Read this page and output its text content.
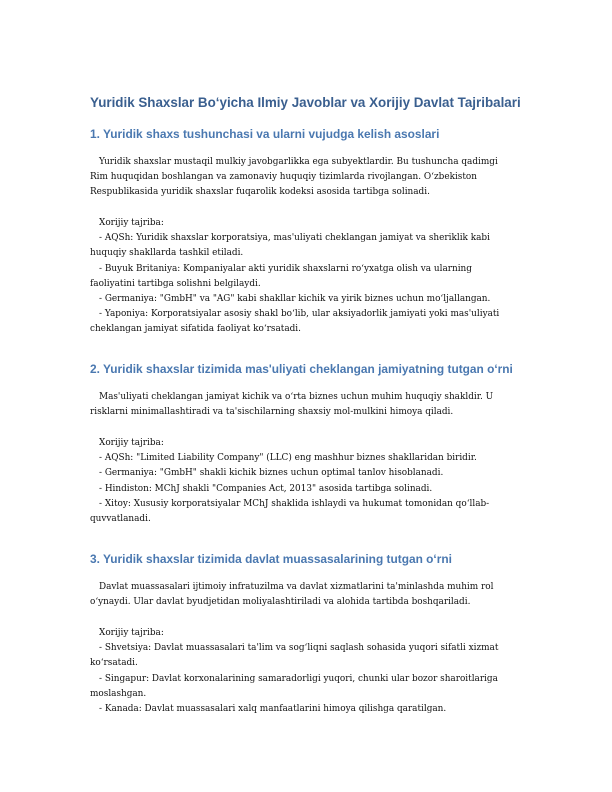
Yuridik Shaxslar Bo‘yicha Ilmiy Javoblar va Xorijiy Davlat Tajribalari
1. Yuridik shaxs tushunchasi va ularni vujudga kelish asoslari
Yuridik shaxslar mustaqil mulkiy javobgarlikka ega subyektlardir. Bu tushuncha qadimgi
Rim huquqidan boshlangan va zamonaviy huquqiy tizimlarda rivojlangan. O‘zbekiston
Respublikasida yuridik shaxslar fuqarolik kodeksi asosida tartibga solinadi.
Xorijiy tajriba:
- AQSh: Yuridik shaxslar korporatsiya, mas'uliyati cheklangan jamiyat va sheriklik kabi
huquqiy shakllarda tashkil etiladi.
- Buyuk Britaniya: Kompaniyalar akti yuridik shaxslarni ro‘yxatga olish va ularning
faoliyatini tartibga solishni belgilaydi.
- Germaniya: "GmbH" va "AG" kabi shakllar kichik va yirik biznes uchun mo‘ljallangan.
- Yaponiya: Korporatsiyalar asosiy shakl bo‘lib, ular aksiyadorlik jamiyati yoki mas'uliyati
cheklangan jamiyat sifatida faoliyat ko‘rsatadi.
2. Yuridik shaxslar tizimida mas'uliyati cheklangan jamiyatning tutgan o‘rni
Mas'uliyati cheklangan jamiyat kichik va o‘rta biznes uchun muhim huquqiy shakldir. U
risklarni minimallashtiradi va ta'sischilarning shaxsiy mol-mulkini himoya qiladi.
Xorijiy tajriba:
- AQSh: "Limited Liability Company" (LLC) eng mashhur biznes shakllaridan biridir.
- Germaniya: "GmbH" shakli kichik biznes uchun optimal tanlov hisoblanadi.
- Hindiston: MChJ shakli "Companies Act, 2013" asosida tartibga solinadi.
- Xitoy: Xususiy korporatsiyalar MChJ shaklida ishlaydi va hukumat tomonidan qo‘llab-
quvvatlanadi.
3. Yuridik shaxslar tizimida davlat muassasalarining tutgan o‘rni
Davlat muassasalari ijtimoiy infratuzilma va davlat xizmatlarini ta'minlashda muhim rol
o‘ynaydi. Ular davlat byudjetidan moliyalashtiriladi va alohida tartibda boshqariladi.
Xorijiy tajriba:
- Shvetsiya: Davlat muassasalari ta'lim va sog‘liqni saqlash sohasida yuqori sifatli xizmat
ko‘rsatadi.
- Singapur: Davlat korxonalarining samaradorligi yuqori, chunki ular bozor sharoitlariga
moslashgan.
- Kanada: Davlat muassasalari xalq manfaatlarini himoya qilishga qaratilgan.
